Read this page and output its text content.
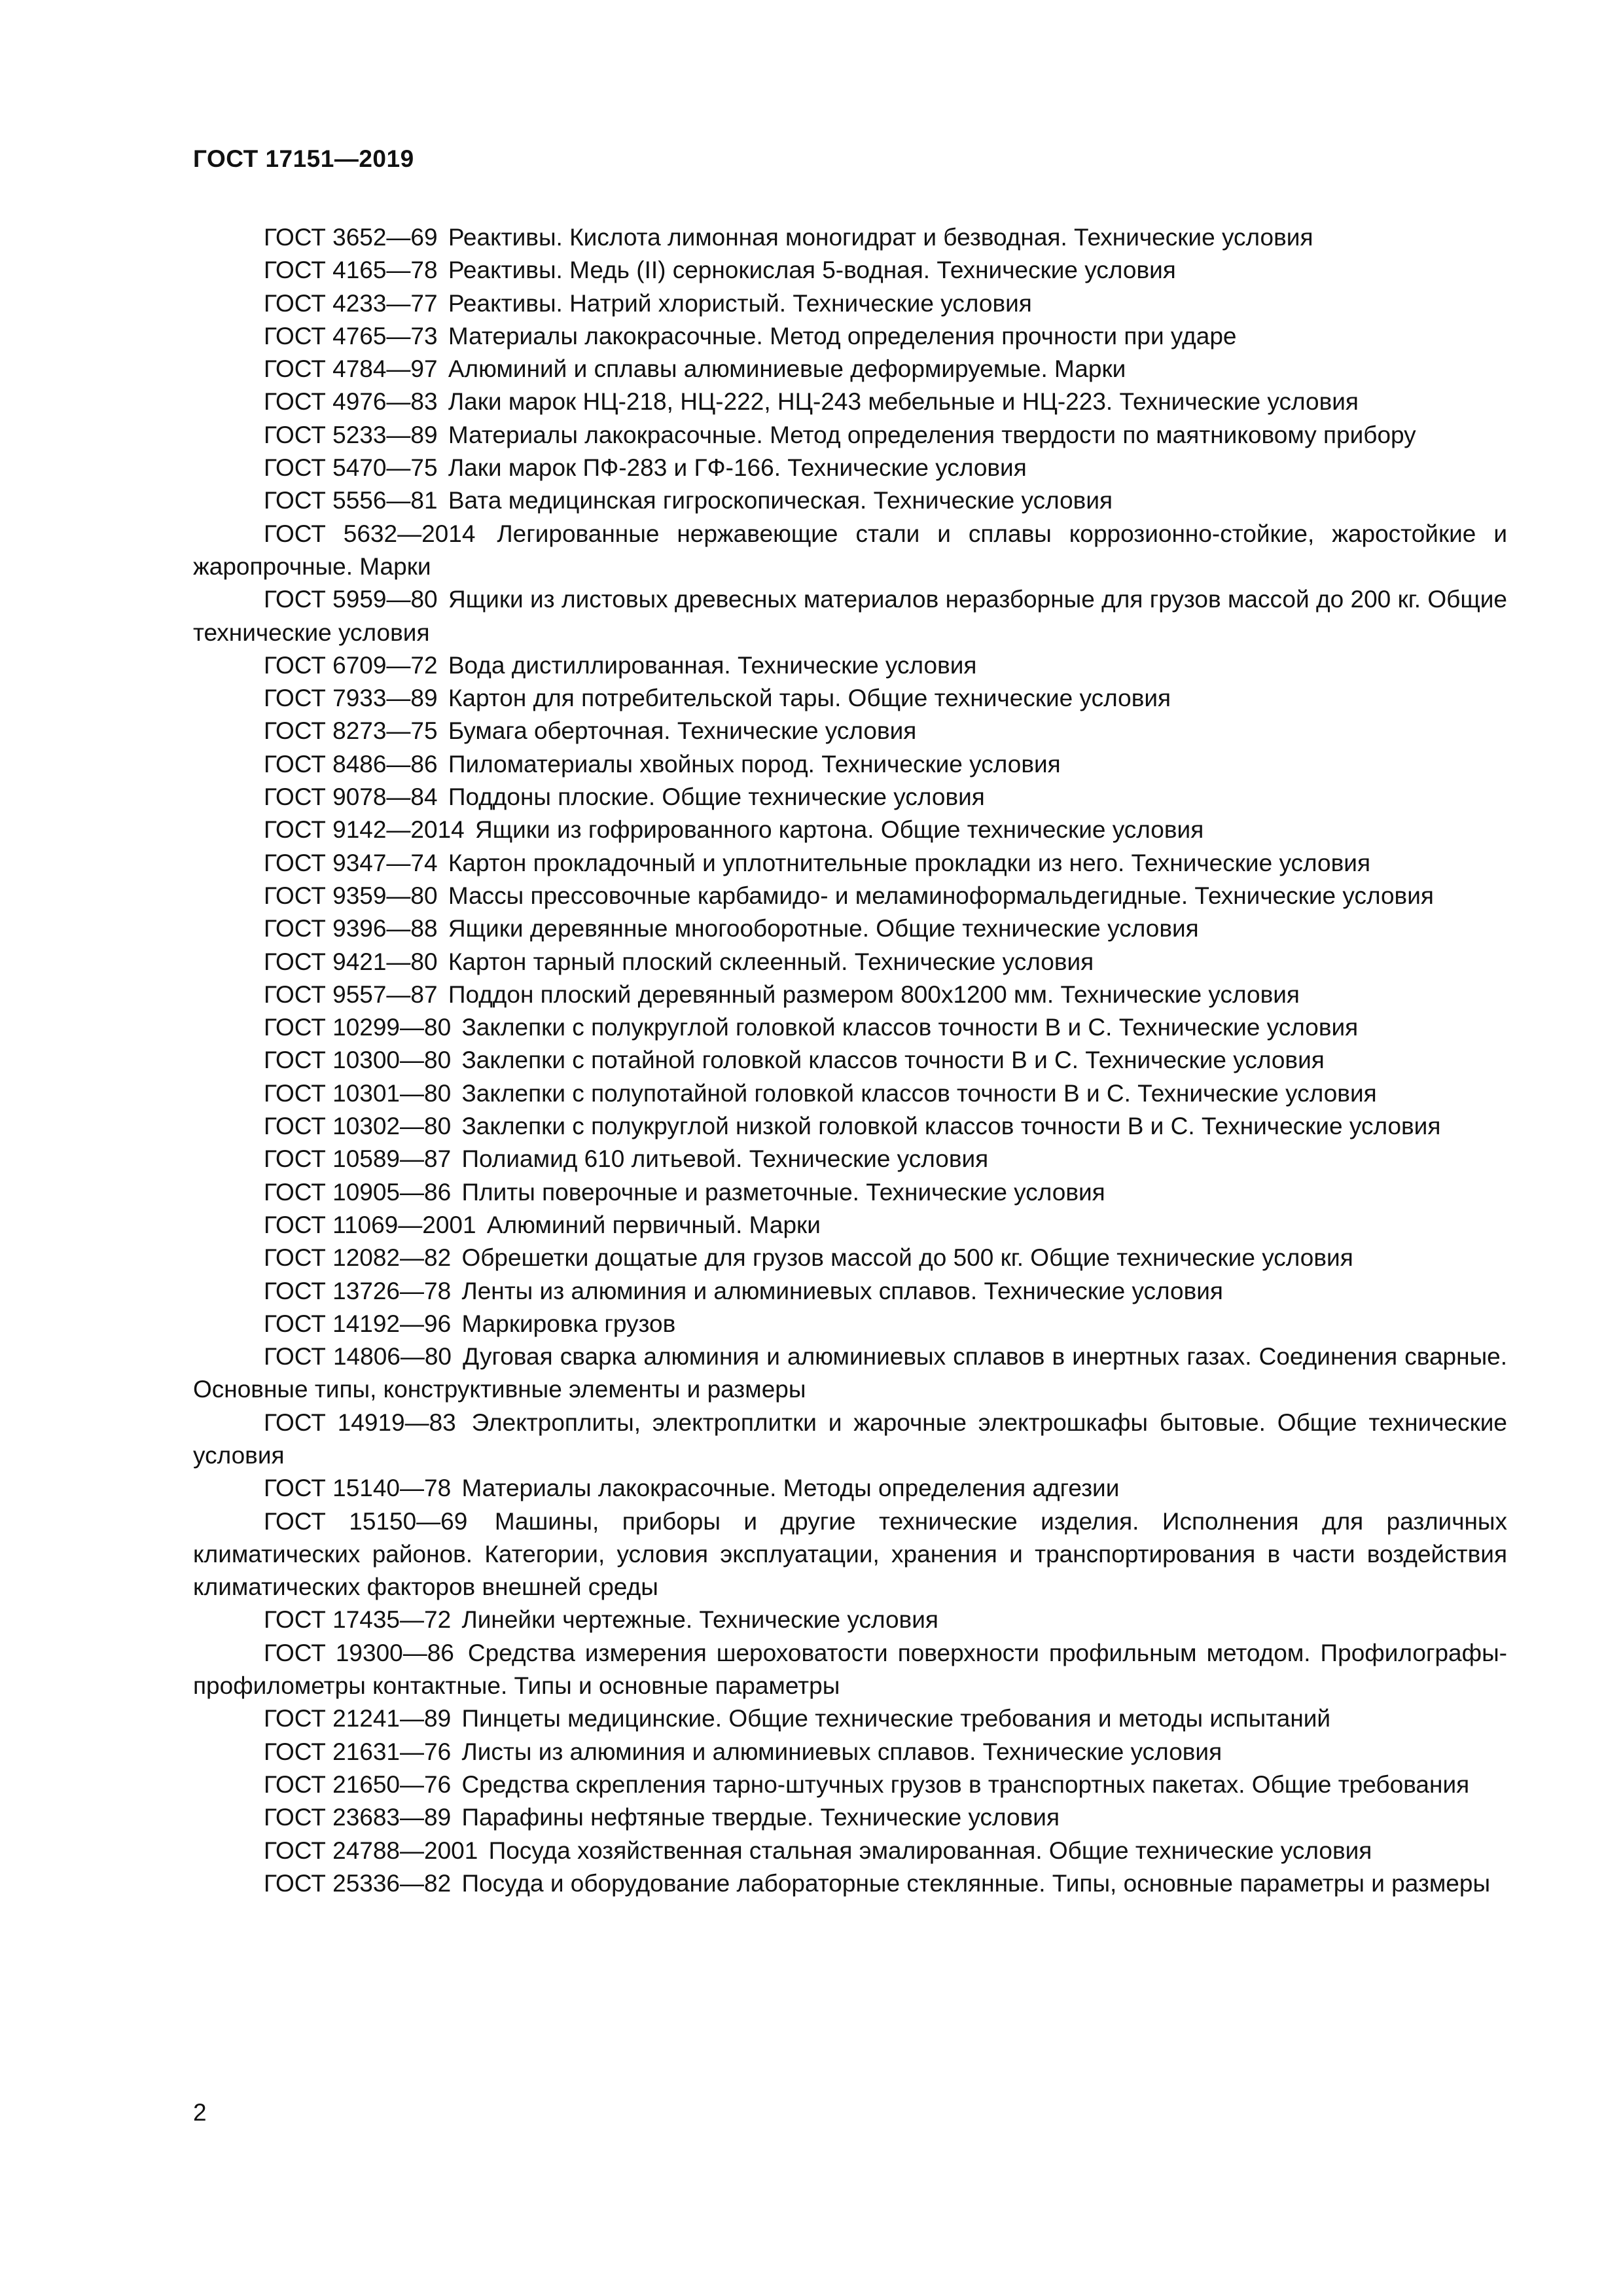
ГОСТ 17151—2019

ГОСТ 3652—69 Реактивы. Кислота лимонная моногидрат и безводная. Технические условия

ГОСТ 4165—78 Реактивы. Медь (II) сернокислая 5-водная. Технические условия

ГОСТ 4233—77 Реактивы. Натрий хлористый. Технические условия

ГОСТ 4765—73 Материалы лакокрасочные. Метод определения прочности при ударе

ГОСТ 4784—97 Алюминий и сплавы алюминиевые деформируемые. Марки

ГОСТ 4976—83 Лаки марок НЦ-218, НЦ-222, НЦ-243 мебельные и НЦ-223. Технические условия

ГОСТ 5233—89 Материалы лакокрасочные. Метод определения твердости по маятниковому прибору

ГОСТ 5470—75 Лаки марок ПФ-283 и ГФ-166. Технические условия

ГОСТ 5556—81 Вата медицинская гигроскопическая. Технические условия

ГОСТ 5632—2014 Легированные нержавеющие стали и сплавы коррозионно-стойкие, жаростойкие и жаропрочные. Марки

ГОСТ 5959—80 Ящики из листовых древесных материалов неразборные для грузов массой до 200 кг. Общие технические условия

ГОСТ 6709—72 Вода дистиллированная. Технические условия

ГОСТ 7933—89 Картон для потребительской тары. Общие технические условия

ГОСТ 8273—75 Бумага оберточная. Технические условия

ГОСТ 8486—86 Пиломатериалы хвойных пород. Технические условия

ГОСТ 9078—84 Поддоны плоские. Общие технические условия

ГОСТ 9142—2014 Ящики из гофрированного картона. Общие технические условия

ГОСТ 9347—74 Картон прокладочный и уплотнительные прокладки из него. Технические условия

ГОСТ 9359—80 Массы прессовочные карбамидо- и меламиноформальдегидные. Технические условия

ГОСТ 9396—88 Ящики деревянные многооборотные. Общие технические условия

ГОСТ 9421—80 Картон тарный плоский склеенный. Технические условия

ГОСТ 9557—87 Поддон плоский деревянный размером 800х1200 мм. Технические условия

ГОСТ 10299—80 Заклепки с полукруглой головкой классов точности В и С. Технические условия

ГОСТ 10300—80 Заклепки с потайной головкой классов точности В и С. Технические условия

ГОСТ 10301—80 Заклепки с полупотайной головкой классов точности В и С. Технические условия

ГОСТ 10302—80 Заклепки с полукруглой низкой головкой классов точности В и С. Технические условия

ГОСТ 10589—87 Полиамид 610 литьевой. Технические условия

ГОСТ 10905—86 Плиты поверочные и разметочные. Технические условия

ГОСТ 11069—2001 Алюминий первичный. Марки

ГОСТ 12082—82 Обрешетки дощатые для грузов массой до 500 кг. Общие технические условия

ГОСТ 13726—78 Ленты из алюминия и алюминиевых сплавов. Технические условия

ГОСТ 14192—96 Маркировка грузов

ГОСТ 14806—80 Дуговая сварка алюминия и алюминиевых сплавов в инертных газах. Соединения сварные. Основные типы, конструктивные элементы и размеры

ГОСТ 14919—83 Электроплиты, электроплитки и жарочные электрошкафы бытовые. Общие технические условия

ГОСТ 15140—78 Материалы лакокрасочные. Методы определения адгезии

ГОСТ 15150—69 Машины, приборы и другие технические изделия. Исполнения для различных климатических районов. Категории, условия эксплуатации, хранения и транспортирования в части воздействия климатических факторов внешней среды

ГОСТ 17435—72 Линейки чертежные. Технические условия

ГОСТ 19300—86 Средства измерения шероховатости поверхности профильным методом. Профилографы-профилометры контактные. Типы и основные параметры

ГОСТ 21241—89 Пинцеты медицинские. Общие технические требования и методы испытаний

ГОСТ 21631—76 Листы из алюминия и алюминиевых сплавов. Технические условия

ГОСТ 21650—76 Средства скрепления тарно-штучных грузов в транспортных пакетах. Общие требования

ГОСТ 23683—89 Парафины нефтяные твердые. Технические условия

ГОСТ 24788—2001 Посуда хозяйственная стальная эмалированная. Общие технические условия

ГОСТ 25336—82 Посуда и оборудование лабораторные стеклянные. Типы, основные параметры и размеры

2
